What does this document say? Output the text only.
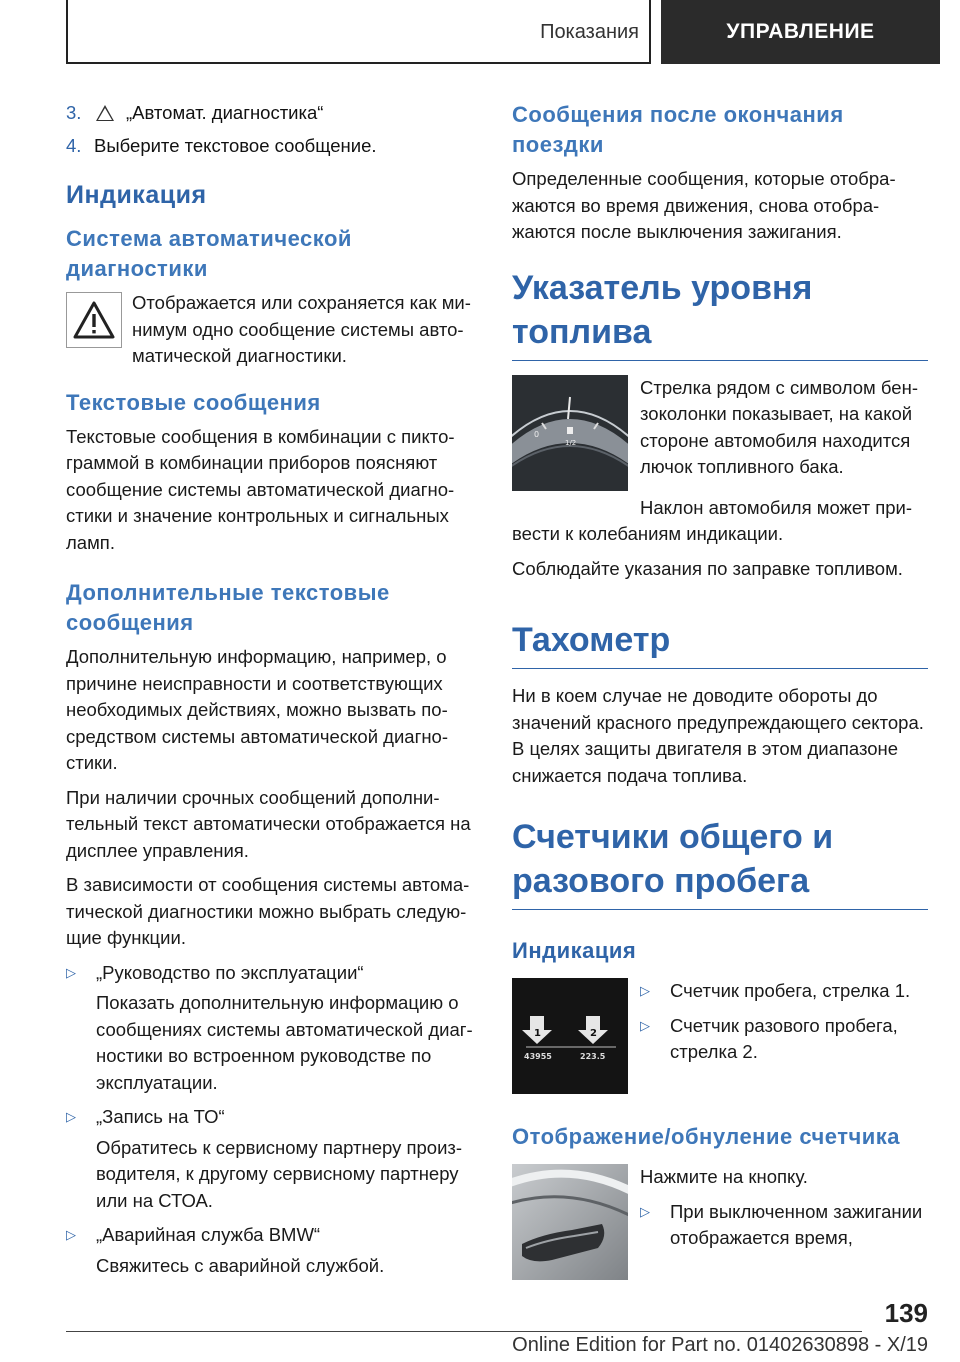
Показания	УПРАВЛЕНИЕ
3.	„Автомат. диагностика“
4. Выберите текстовое сообщение.
Индикация
Система автоматической диагностики

Отображается или сохраняется как минимум одно сообщение системы автоматической диагностики.

Текстовые сообщения

Текстовые сообщения в комбинации с пиктограммой в комбинации приборов поясняют сообщение системы автоматической диагностики и значение контрольных и сигнальных ламп.

Дополнительные текстовые сообщения

Дополнительную информацию, например, о причине неисправности и соответствующих необходимых действиях, можно вызвать посредством системы автоматической диагностики.

При наличии срочных сообщений дополнительный текст автоматически отображается на дисплее управления.

В зависимости от сообщения системы автоматической диагностики можно выбрать следующие функции.

▷	„Руководство по эксплуатации“

Показать дополнительную информацию о сообщениях системы автоматической диагностики во встроенном руководстве по эксплуатации.

▷	„Запись на ТО“

Обратитесь к сервисному партнеру производителя, к другому сервисному партнеру или на СТОА.

▷	„Аварийная служба BMW“

Свяжитесь с аварийной службой.

Сообщения после окончания поездки

Определенные сообщения, которые отображаются во время движения, снова отображаются после выключения зажигания.

Указатель уровня топлива
0
1/2

Стрелка рядом с символом бензоколонки показывает, на какой стороне автомобиля находится лючок топливного бака.

Наклон автомобиля может привести к колебаниям индикации.

Соблюдайте указания по заправке топливом.

Тахометр

Ни в коем случае не доводите обороты до значений красного предупреждающего сектора. В целях защиты двигателя в этом диапазоне снижается подача топлива.

Счетчики общего и разового пробега
Индикация
1	2
43955	223.5
▷	Счетчик пробега, стрелка 1.

▷	Счетчик разового пробега, стрелка 2.

Отображение/обнуление счетчика

Нажмите на кнопку.

▷	При выключенном зажигании отображается время,

139
Online Edition for Part no. 01402630898 - X/19
